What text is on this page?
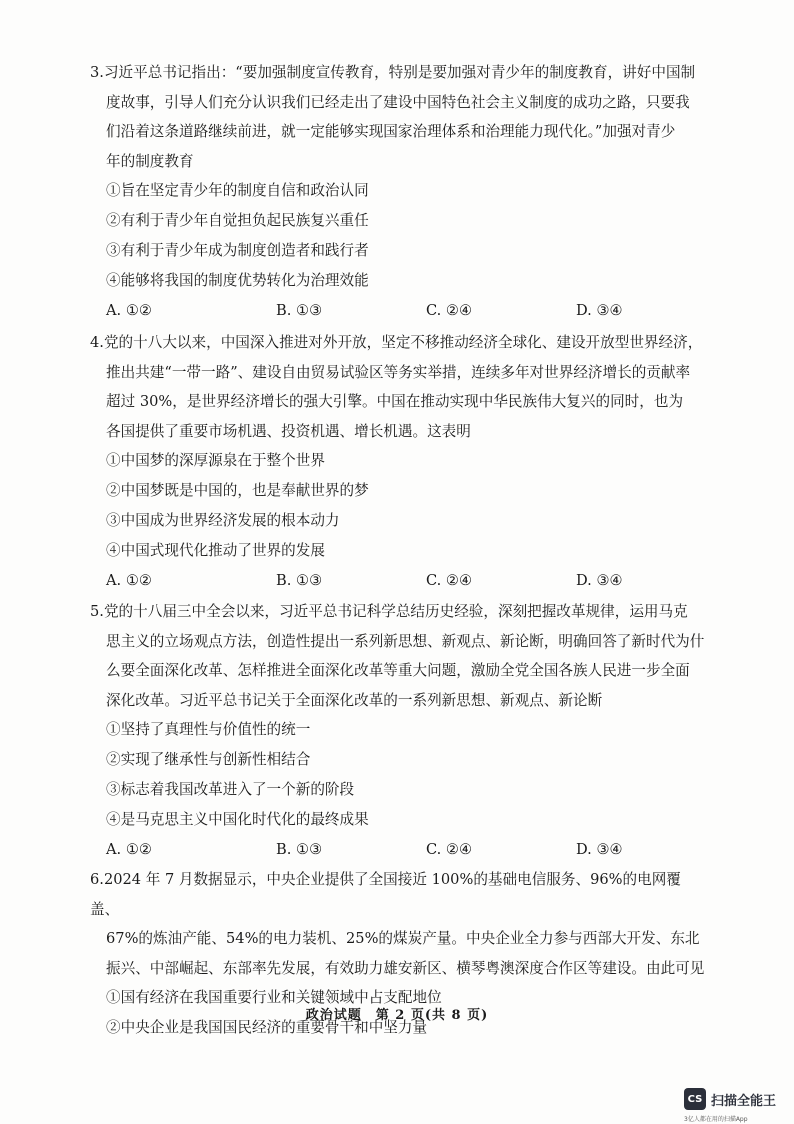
3.习近平总书记指出：“要加强制度宣传教育，特别是要加强对青少年的制度教育，讲好中国制
度故事，引导人们充分认识我们已经走出了建设中国特色社会主义制度的成功之路，只要我
们沿着这条道路继续前进，就一定能够实现国家治理体系和治理能力现代化。”加强对青少
年的制度教育

①旨在坚定青少年的制度自信和政治认同

②有利于青少年自觉担负起民族复兴重任

③有利于青少年成为制度创造者和践行者

④能够将我国的制度优势转化为治理效能

A. ①②	B. ①③	C. ②④	D. ③④

4.党的十八大以来，中国深入推进对外开放，坚定不移推动经济全球化、建设开放型世界经济，
推出共建“一带一路”、建设自由贸易试验区等务实举措，连续多年对世界经济增长的贡献率
超过 30%，是世界经济增长的强大引擎。中国在推动实现中华民族伟大复兴的同时，也为
各国提供了重要市场机遇、投资机遇、增长机遇。这表明

①中国梦的深厚源泉在于整个世界

②中国梦既是中国的，也是奉献世界的梦

③中国成为世界经济发展的根本动力

④中国式现代化推动了世界的发展

A. ①②	B. ①③	C. ②④	D. ③④

5.党的十八届三中全会以来，习近平总书记科学总结历史经验，深刻把握改革规律，运用马克
思主义的立场观点方法，创造性提出一系列新思想、新观点、新论断，明确回答了新时代为什
么要全面深化改革、怎样推进全面深化改革等重大问题，激励全党全国各族人民进一步全面
深化改革。习近平总书记关于全面深化改革的一系列新思想、新观点、新论断

①坚持了真理性与价值性的统一

②实现了继承性与创新性相结合

③标志着我国改革进入了一个新的阶段

④是马克思主义中国化时代化的最终成果

A. ①②	B. ①③	C. ②④	D. ③④

6.2024 年 7 月数据显示，中央企业提供了全国接近 100%的基础电信服务、96%的电网覆盖、
67%的炼油产能、54%的电力装机、25%的煤炭产量。中央企业全力参与西部大开发、东北
振兴、中部崛起、东部率先发展，有效助力雄安新区、横琴粤澳深度合作区等建设。由此可见

①国有经济在我国重要行业和关键领域中占支配地位

②中央企业是我国国民经济的重要骨干和中坚力量

政治试题　第 2 页(共 8 页)
CS 扫描全能王
3亿人都在用的扫描App
